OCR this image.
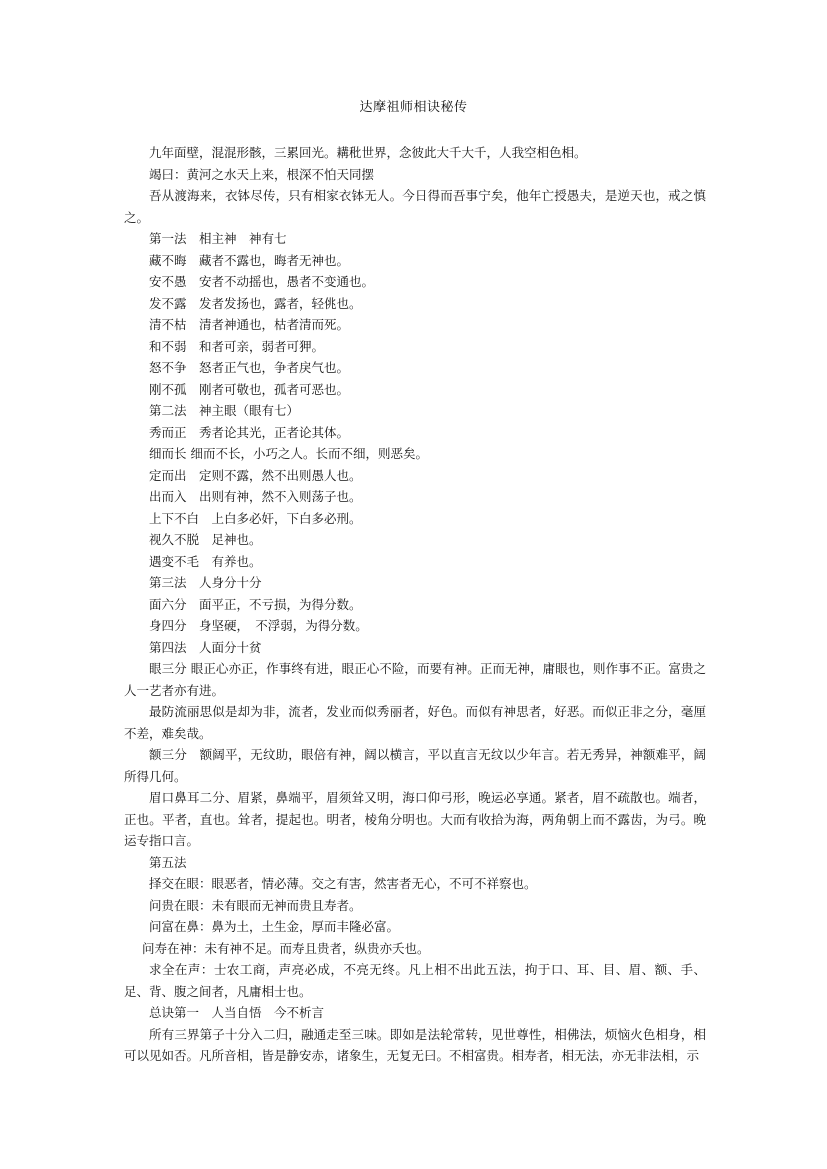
达摩祖师相诀秘传

九年面壁，混混形骸，三累回光。耩秕世界，念彼此大千大千，人我空相色相。

竭曰：黄河之水天上来，根深不怕天同摆

吾从渡海来，衣钵尽传，只有相家衣钵无人。今日得而吾事宁矣，他年亡授愚夫，是逆天也，戒之慎之。

第一法　相主神　神有七

藏不晦　藏者不露也，晦者无神也。

安不愚　安者不动摇也，愚者不变通也。

发不露　发者发扬也，露者，轻佻也。

清不枯　清者神通也，枯者清而死。

和不弱　和者可亲，弱者可狎。

怒不争　怒者正气也，争者戾气也。

刚不孤　刚者可敬也，孤者可恶也。

第二法　神主眼（眼有七）

秀而正　秀者论其光，正者论其体。

细而长 细而不长，小巧之人。长而不细，则恶矣。

定而出　定则不露，然不出则愚人也。

出而入　出则有神，然不入则荡子也。

上下不白　上白多必奸，下白多必刑。

视久不脱　足神也。

遇变不毛　有养也。

第三法　人身分十分

面六分　面平正，不亏损，为得分数。

身四分　身坚硬，　不浮弱，为得分数。

第四法　人面分十贫

眼三分 眼正心亦正，作事终有进，眼正心不险，而要有神。正而无神，庸眼也，则作事不正。富贵之人一艺者亦有进。

最防流丽思似是却为非，流者，发业而似秀丽者，好色。而似有神思者，好恶。而似正非之分，毫厘不差，难矣哉。

额三分　额阔平，无纹助，眼倍有神，阔以横言，平以直言无纹以少年言。若无秀异，神额难平，阔所得几何。

眉口鼻耳二分、眉紧，鼻端平，眉须耸又明，海口仰弓形，晚运必享通。紧者，眉不疏散也。端者，正也。平者，直也。耸者，提起也。明者，棱角分明也。大而有收拾为海，两角朝上而不露齿，为弓。晚运专指口言。

第五法

择交在眼：眼恶者，情必薄。交之有害，然害者无心，不可不祥察也。

问贵在眼：未有眼而无神而贵且寿者。

问富在鼻：鼻为土，土生金，厚而丰隆必富。

问寿在神：未有神不足。而寿且贵者，纵贵亦夭也。

求全在声：士农工商，声亮必成，不亮无终。凡上相不出此五法，拘于口、耳、目、眉、额、手、足、背、腹之间者，凡庸相士也。

总诀第一　人当自悟　今不析言

所有三界第子十分入二归，融通走至三味。即如是法轮常转，见世尊性，相佛法，烦恼火色相身，相可以见如否。凡所音相，皆是静安赤，诸象生，无复无曰。不相富贵。相寿者，相无法，亦无非法相，示
